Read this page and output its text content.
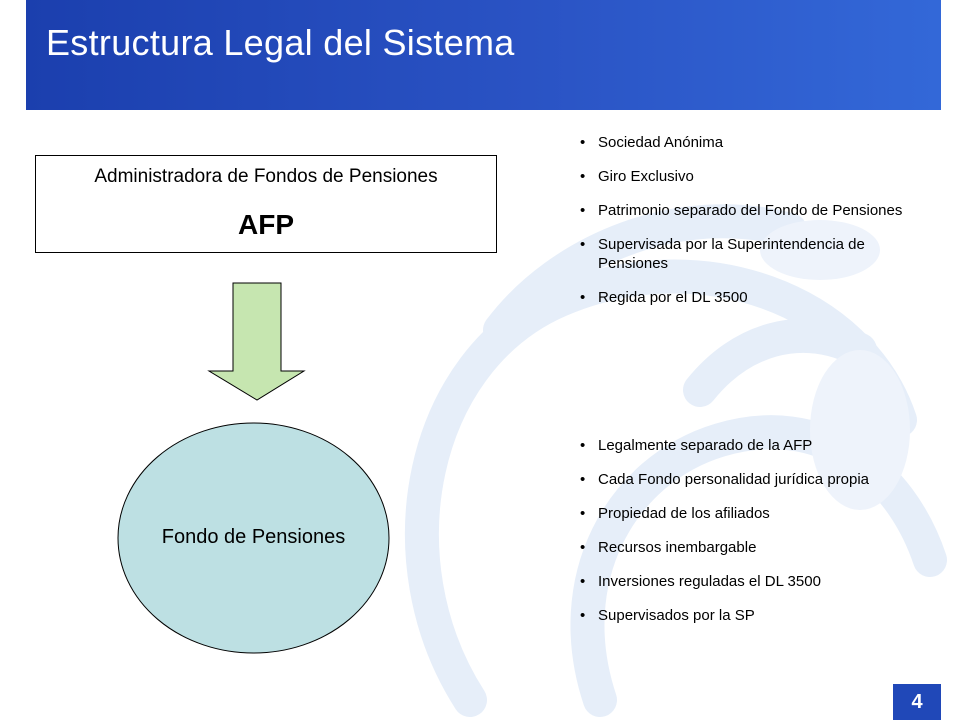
Estructura Legal del Sistema
Administradora de Fondos de Pensiones
AFP
Fondo de Pensiones
• Sociedad Anónima
• Giro Exclusivo
• Patrimonio separado del Fondo de Pensiones
• Supervisada por la Superintendencia de Pensiones
• Regida por el DL 3500
• Legalmente separado de la AFP
• Cada Fondo personalidad jurídica propia
• Propiedad de los afiliados
• Recursos inembargable
• Inversiones reguladas el DL 3500
• Supervisados por la SP
4
